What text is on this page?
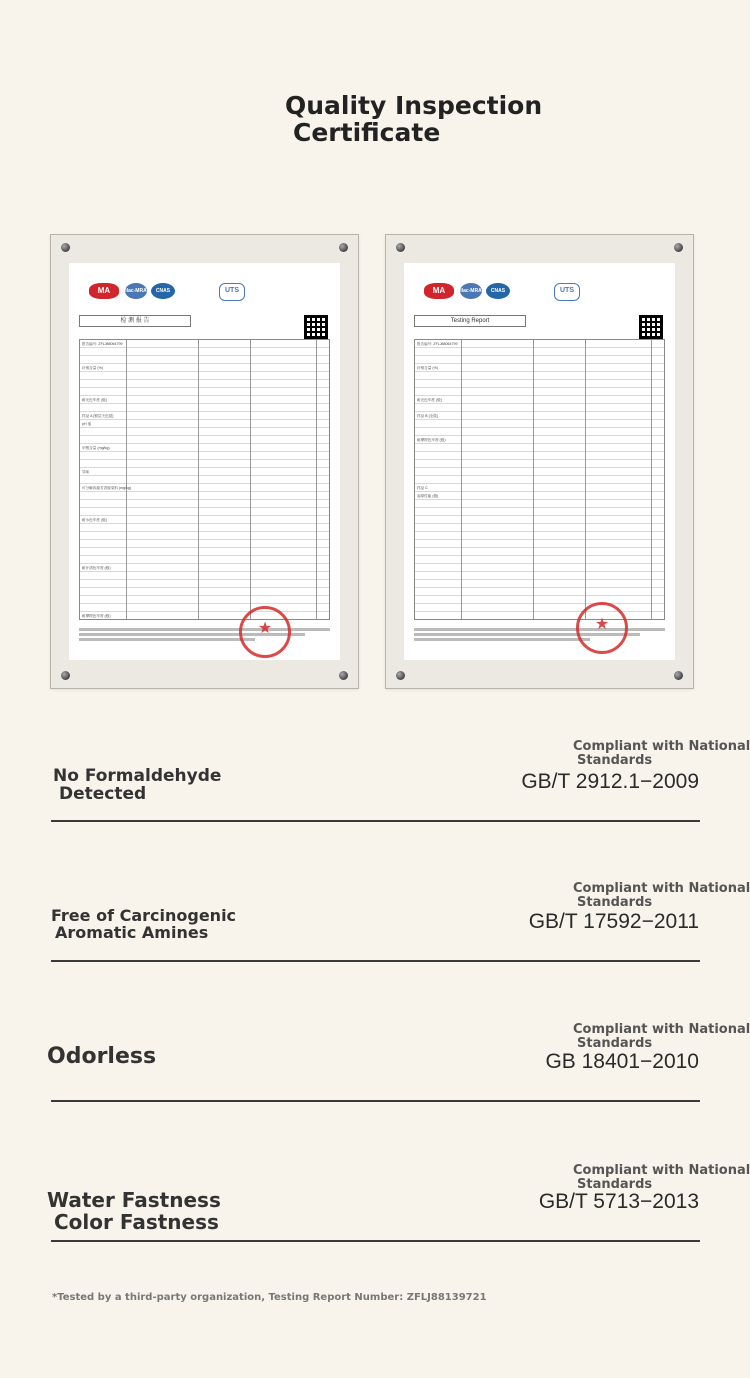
Quality Inspection
Certificate
MA	ilac-MRA	CNAS	UTS
检 测 报 告
报告编号: ZFLJ88064799
纤维含量 (%)
耐光色牢度 (级)
样品 A [镀层天色毯]
pH 值
甲醛含量 (mg/kg)
异味
可分解致癌芳香胺染料 (mg/kg)
耐水色牢度 (级)
耐汗渍色牢度 (级)
耐摩擦色牢度 (级)
★
MA	ilac-MRA	CNAS	UTS
Testing Report
报告编号: ZFLJ88064799
纤维含量 (%)
耐光色牢度 (级)
样品 B [毛毯]
耐摩擦色牢度 (级)
样品 C
起球性能 (级)
★
No Formaldehyde
Detected
Compliant with National
Standards
GB/T 2912.1−2009
Free of Carcinogenic
Aromatic Amines
Compliant with National
Standards
GB/T 17592−2011
Odorless
Compliant with National
Standards
GB 18401−2010
Water Fastness
Color Fastness
Compliant with National
Standards
GB/T 5713−2013
*Tested by a third-party organization, Testing Report Number: ZFLJ88139721
